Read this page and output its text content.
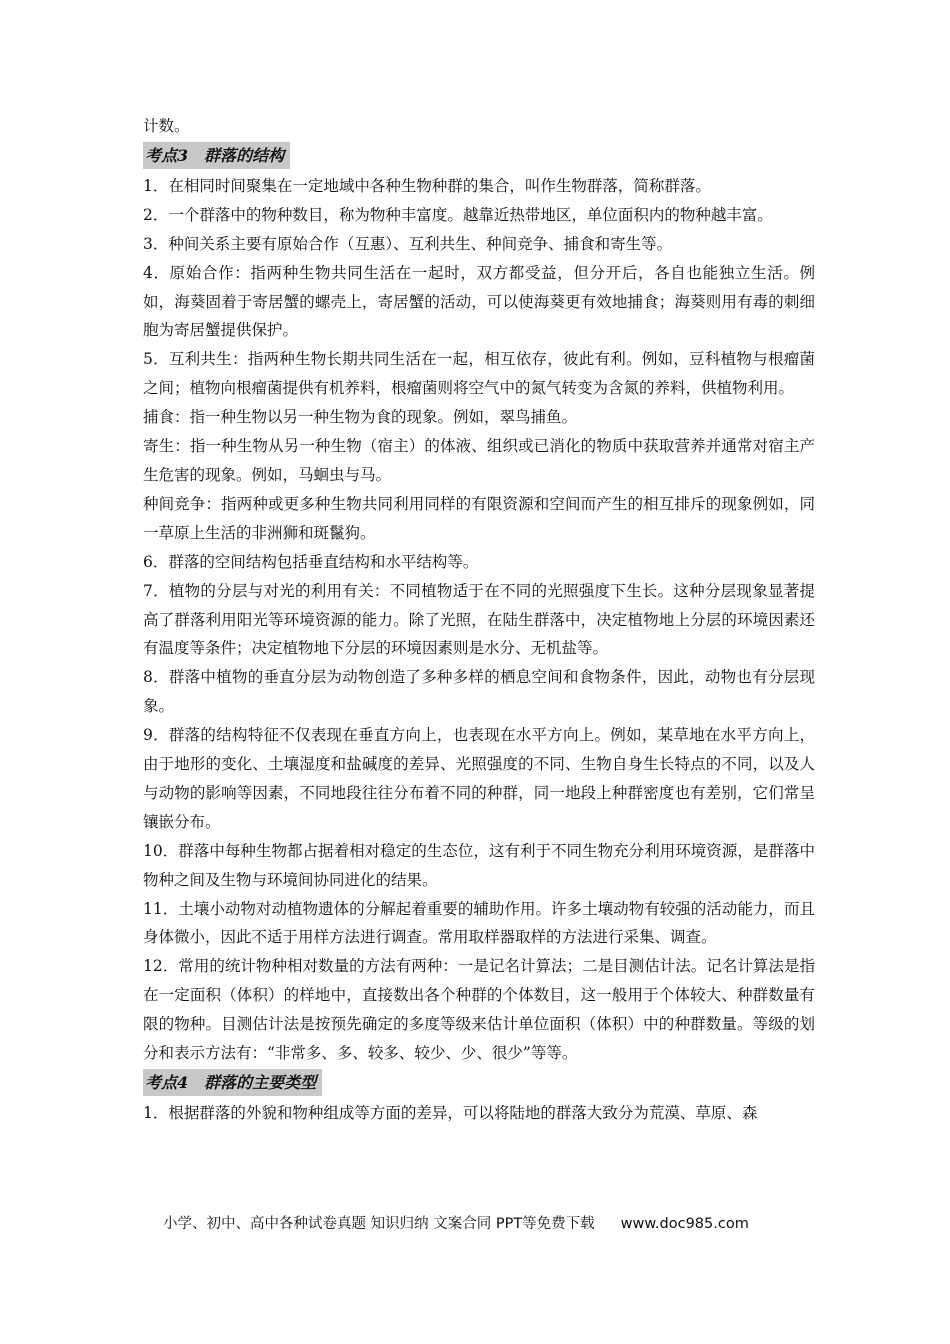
计数。

考点3　群落的结构

1．在相同时间聚集在一定地域中各种生物种群的集合，叫作生物群落，简称群落。

2．一个群落中的物种数目，称为物种丰富度。越靠近热带地区，单位面积内的物种越丰富。

3．种间关系主要有原始合作（互惠）、互利共生、种间竞争、捕食和寄生等。

4．原始合作：指两种生物共同生活在一起时，双方都受益，但分开后，各自也能独立生活。例如，海葵固着于寄居蟹的螺壳上，寄居蟹的活动，可以使海葵更有效地捕食；海葵则用有毒的刺细胞为寄居蟹提供保护。

5．互利共生：指两种生物长期共同生活在一起，相互依存，彼此有利。例如，豆科植物与根瘤菌之间；植物向根瘤菌提供有机养料，根瘤菌则将空气中的氮气转变为含氮的养料，供植物利用。

捕食：指一种生物以另一种生物为食的现象。例如，翠鸟捕鱼。

寄生：指一种生物从另一种生物（宿主）的体液、组织或已消化的物质中获取营养并通常对宿主产生危害的现象。例如，马蛔虫与马。

种间竞争：指两种或更多种生物共同利用同样的有限资源和空间而产生的相互排斥的现象例如，同一草原上生活的非洲狮和斑鬣狗。

6．群落的空间结构包括垂直结构和水平结构等。

7．植物的分层与对光的利用有关：不同植物适于在不同的光照强度下生长。这种分层现象显著提高了群落利用阳光等环境资源的能力。除了光照，在陆生群落中，决定植物地上分层的环境因素还有温度等条件；决定植物地下分层的环境因素则是水分、无机盐等。

8．群落中植物的垂直分层为动物创造了多种多样的栖息空间和食物条件，因此，动物也有分层现象。

9．群落的结构特征不仅表现在垂直方向上，也表现在水平方向上。例如，某草地在水平方向上，由于地形的变化、土壤湿度和盐碱度的差异、光照强度的不同、生物自身生长特点的不同，以及人与动物的影响等因素，不同地段往往分布着不同的种群，同一地段上种群密度也有差别，它们常呈镶嵌分布。

10．群落中每种生物都占据着相对稳定的生态位，这有利于不同生物充分利用环境资源，是群落中物种之间及生物与环境间协同进化的结果。

11．土壤小动物对动植物遗体的分解起着重要的辅助作用。许多土壤动物有较强的活动能力，而且身体微小，因此不适于用样方法进行调查。常用取样器取样的方法进行采集、调查。

12．常用的统计物种相对数量的方法有两种：一是记名计算法；二是目测估计法。记名计算法是指在一定面积（体积）的样地中，直接数出各个种群的个体数目，这一般用于个体较大、种群数量有限的物种。目测估计法是按预先确定的多度等级来估计单位面积（体积）中的种群数量。等级的划分和表示方法有：“非常多、多、较多、较少、少、很少”等等。

考点4　群落的主要类型

1．根据群落的外貌和物种组成等方面的差异，可以将陆地的群落大致分为荒漠、草原、森

小学、初中、高中各种试卷真题 知识归纳 文案合同 PPT等免费下载 www.doc985.com
